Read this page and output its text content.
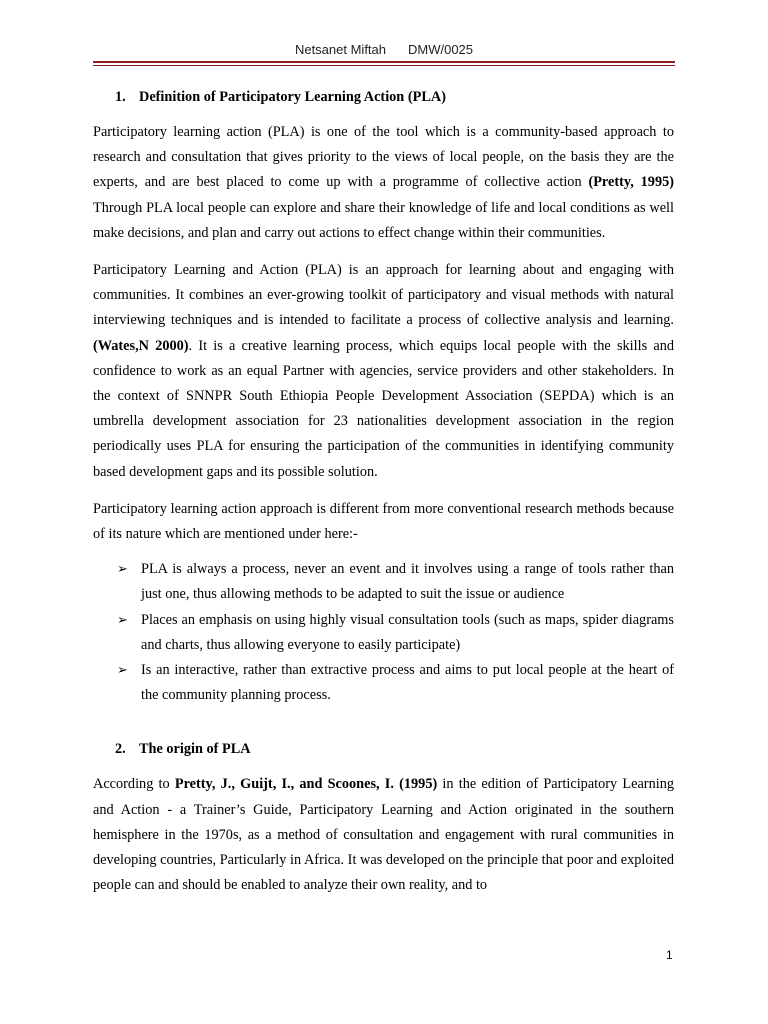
Netsanet Miftah DMW/0025
1. Definition of Participatory Learning Action (PLA)

Participatory learning action (PLA) is one of the tool which is a community-based approach to research and consultation that gives priority to the views of local people, on the basis they are the experts, and are best placed to come up with a programme of collective action (Pretty, 1995) Through PLA local people can explore and share their knowledge of life and local conditions as well make decisions, and plan and carry out actions to effect change within their communities.

Participatory Learning and Action (PLA) is an approach for learning about and engaging with communities. It combines an ever-growing toolkit of participatory and visual methods with natural interviewing techniques and is intended to facilitate a process of collective analysis and learning. (Wates,N 2000). It is a creative learning process, which equips local people with the skills and confidence to work as an equal Partner with agencies, service providers and other stakeholders. In the context of SNNPR South Ethiopia People Development Association (SEPDA) which is an umbrella development association for 23 nationalities development association in the region periodically uses PLA for ensuring the participation of the communities in identifying community based development gaps and its possible solution.

Participatory learning action approach is different from more conventional research methods because of its nature which are mentioned under here:-

➢ PLA is always a process, never an event and it involves using a range of tools rather than just one, thus allowing methods to be adapted to suit the issue or audience
➢ Places an emphasis on using highly visual consultation tools (such as maps, spider diagrams and charts, thus allowing everyone to easily participate)
➢ Is an interactive, rather than extractive process and aims to put local people at the heart of the community planning process.
2. The origin of PLA

According to Pretty, J., Guijt, I., and Scoones, I. (1995) in the edition of Participatory Learning and Action - a Trainer’s Guide, Participatory Learning and Action originated in the southern hemisphere in the 1970s, as a method of consultation and engagement with rural communities in developing countries, Particularly in Africa. It was developed on the principle that poor and exploited people can and should be enabled to analyze their own reality, and to

1
